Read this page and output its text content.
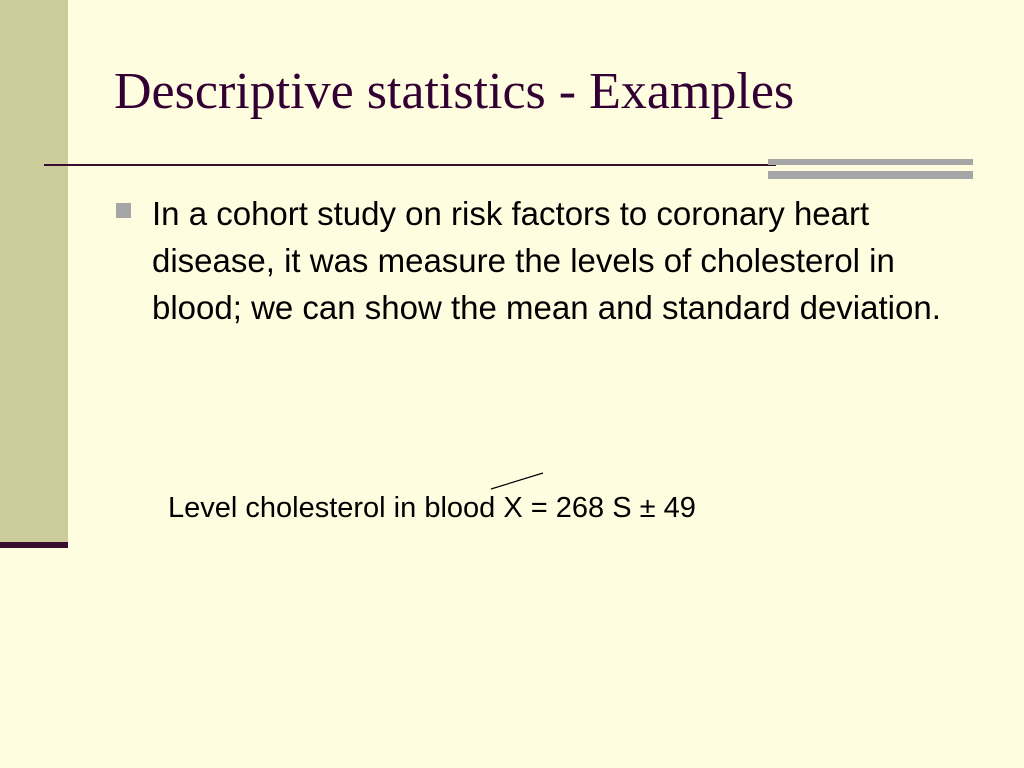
Descriptive statistics - Examples

In a cohort study on risk factors to coronary heart disease, it was measure the levels of cholesterol in blood; we can show the mean and standard deviation.

Level cholesterol in blood X = 268 S ± 49
